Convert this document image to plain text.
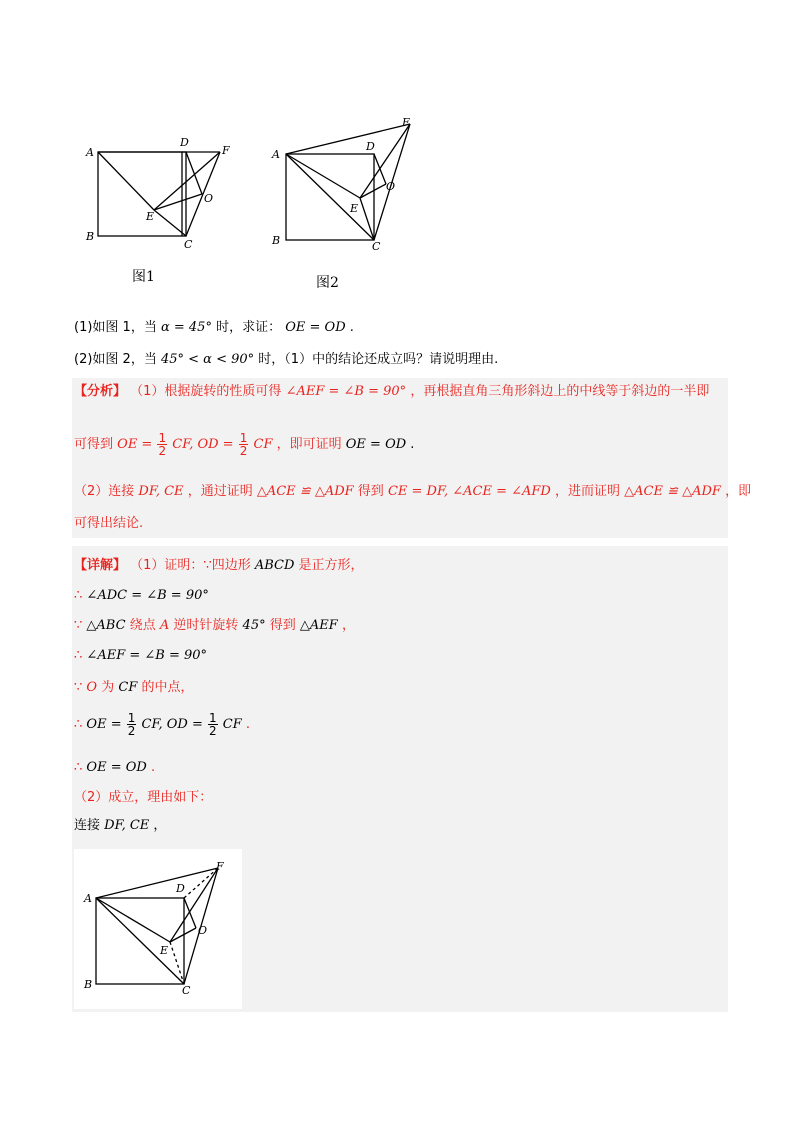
A
B
C
D
E
F
O
图1
A
B	C
D
E
F
O
图2
(1)如图 1，当 α = 45° 时，求证： OE = OD .
(2)如图 2，当 45° < α < 90° 时，（1）中的结论还成立吗？请说明理由.
【分析】 （1）根据旋转的性质可得 ∠AEF = ∠B = 90° ，再根据直角三角形斜边上的中线等于斜边的一半即
可得到 OE = $\frac{1}{2}$ CF, OD = $\frac{1}{2}$ CF ，即可证明 OE = OD .
（2）连接 DF, CE ，通过证明 △ACE ≌ △ADF 得到 CE = DF, ∠ACE = ∠AFD ，进而证明 △ACE ≌ △ADF ，即
可得出结论.
【详解】 （1）证明：∵四边形 ABCD 是正方形，
∴ ∠ADC = ∠B = 90°
∵ △ABC 绕点 A 逆时针旋转 45° 得到 △AEF ，
∴ ∠AEF = ∠B = 90°
∵ O 为 CF 的中点，
∴ OE = $\frac{1}{2}$ CF, OD = $\frac{1}{2}$ CF .
∴ OE = OD .
（2）成立，理由如下：
连接 DF, CE ，
A
B	C
D
E
F
O
